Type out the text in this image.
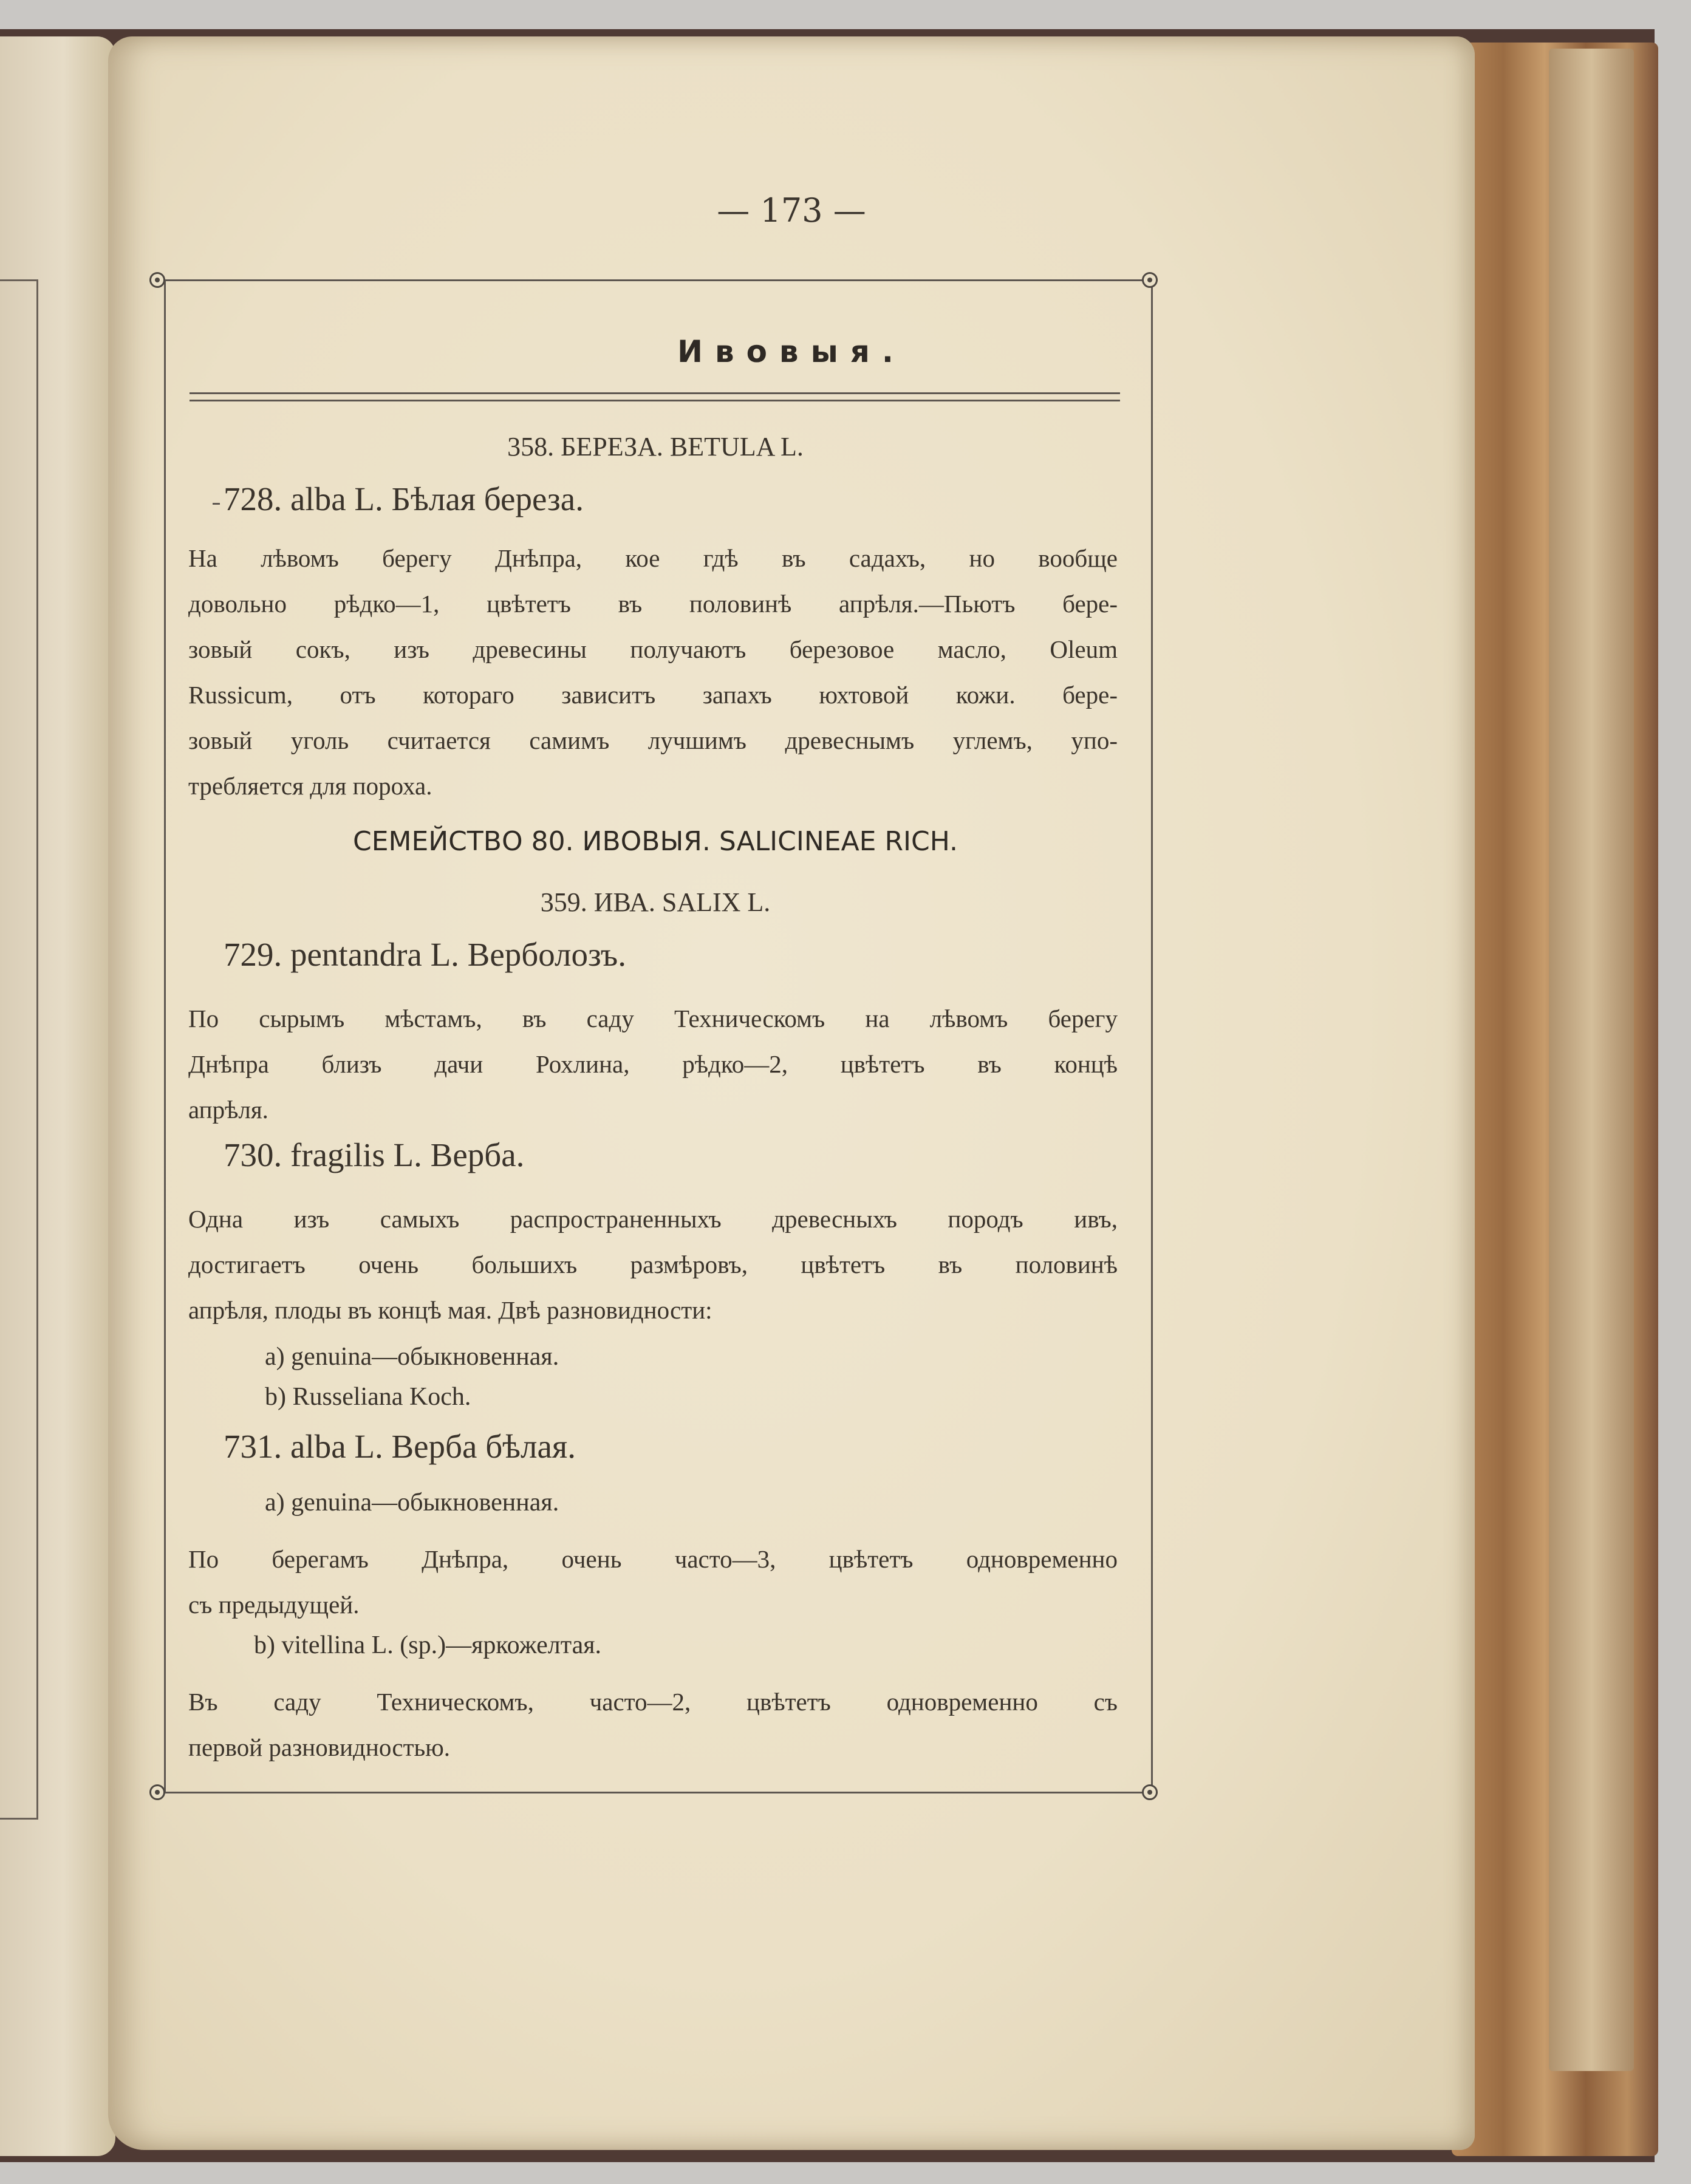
— 173 —
Ивовыя.

358. БЕРЕЗА. BETULA L.

728. alba L. Бѣлая береза.

На лѣвомъ берегу Днѣпра, кое гдѣ въ садахъ, но вообще

довольно рѣдко—1, цвѣтетъ въ половинѣ апрѣля.—Пьютъ бере-

зовый сокъ, изъ древесины получаютъ березовое масло, Oleum

Russicum, отъ котораго зависитъ запахъ юхтовой кожи. бере-

зовый уголь считается самимъ лучшимъ древеснымъ углемъ, упо-

требляется для пороха.

СЕМЕЙСТВО 80. ИВОВЫЯ. SALICINEAE RICH.

359. ИВА. SALIX L.

729. pentandra L. Верболозъ.

По сырымъ мѣстамъ, въ саду Техническомъ на лѣвомъ берегу

Днѣпра близъ дачи Рохлина, рѣдко—2, цвѣтетъ въ концѣ

апрѣля.

730. fragilis L. Верба.

Одна изъ самыхъ распространенныхъ древесныхъ породъ ивъ,

достигаетъ очень большихъ размѣровъ, цвѣтетъ въ половинѣ

апрѣля, плоды въ концѣ мая. Двѣ разновидности:

a) genuina—обыкновенная.

b) Russeliana Koch.

731. alba L. Верба бѣлая.

a) genuina—обыкновенная.

По берегамъ Днѣпра, очень часто—3, цвѣтетъ одновременно

съ предыдущей.

b) vitellina L. (sp.)—яркожелтая.

Въ саду Техническомъ, часто—2, цвѣтетъ одновременно съ

первой разновидностью.
